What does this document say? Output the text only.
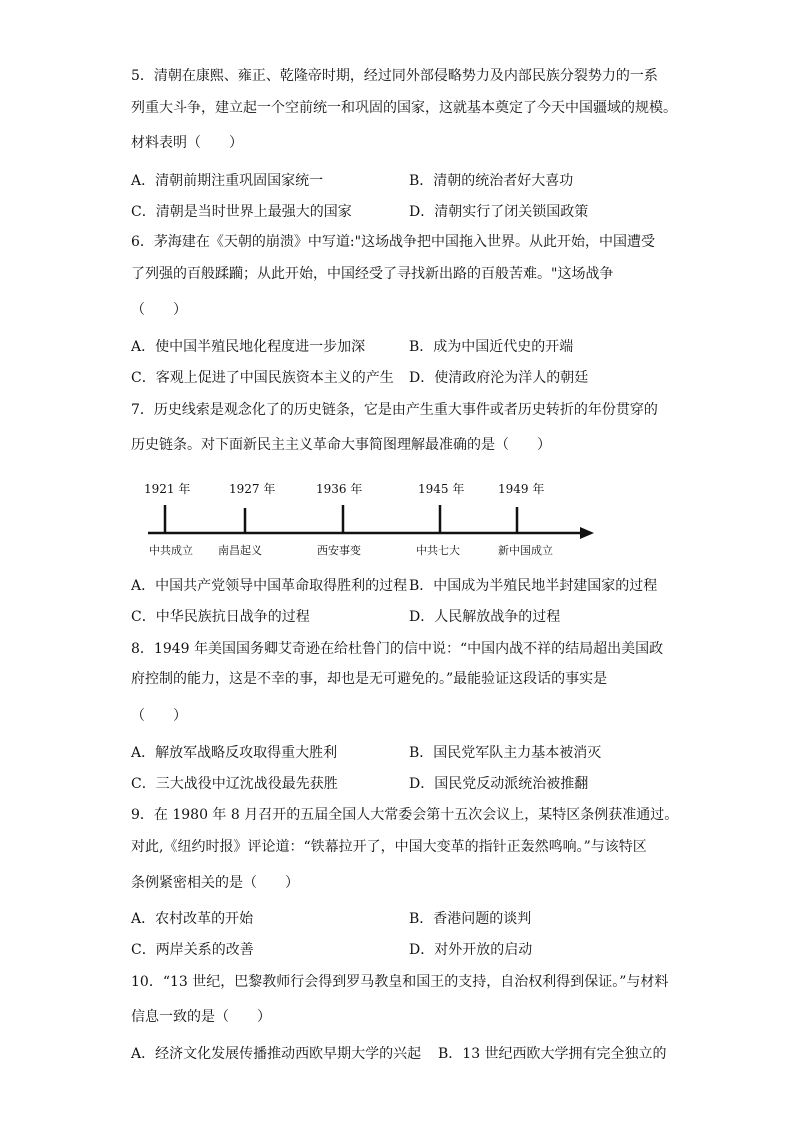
5．清朝在康熙、雍正、乾隆帝时期，经过同外部侵略势力及内部民族分裂势力的一系
列重大斗争，建立起一个空前统一和巩固的国家，这就基本奠定了今天中国疆域的规模。
材料表明（　　）
A．清朝前期注重巩固国家统一	B．清朝的统治者好大喜功
C．清朝是当时世界上最强大的国家	D．清朝实行了闭关锁国政策
6．茅海建在《天朝的崩溃》中写道:"这场战争把中国拖入世界。从此开始，中国遭受
了列强的百般蹂躏；从此开始，中国经受了寻找新出路的百般苦难。"这场战争
（　　）
A．使中国半殖民地化程度进一步加深	B．成为中国近代史的开端
C．客观上促进了中国民族资本主义的产生 D．使清政府沦为洋人的朝廷
7．历史线索是观念化了的历史链条，它是由产生重大事件或者历史转折的年份贯穿的
历史链条。对下面新民主主义革命大事简图理解最准确的是（　　）
1921 年	1927 年	1936 年	1945 年	1949 年
中共成立 南昌起义	西安事变	中共七大	新中国成立
A．中国共产党领导中国革命取得胜利的过程 B．中国成为半殖民地半封建国家的过程
C．中华民族抗日战争的过程	D．人民解放战争的过程
8．1949 年美国国务卿艾奇逊在给杜鲁门的信中说：“中国内战不祥的结局超出美国政
府控制的能力，这是不幸的事，却也是无可避免的。”最能验证这段话的事实是
（　　）
A．解放军战略反攻取得重大胜利	B．国民党军队主力基本被消灭
C．三大战役中辽沈战役最先获胜	D．国民党反动派统治被推翻
9．在 1980 年 8 月召开的五届全国人大常委会第十五次会议上，某特区条例获准通过。
对此,《纽约时报》评论道：“铁幕拉开了，中国大变革的指针正轰然鸣响。”与该特区
条例紧密相关的是（　　）
A．农村改革的开始	B．香港问题的谈判
C．两岸关系的改善	D．对外开放的启动
10．“13 世纪，巴黎教师行会得到罗马教皇和国王的支持，自治权利得到保证。”与材料
信息一致的是（　　）
A．经济文化发展传播推动西欧早期大学的兴起 B．13 世纪西欧大学拥有完全独立的
